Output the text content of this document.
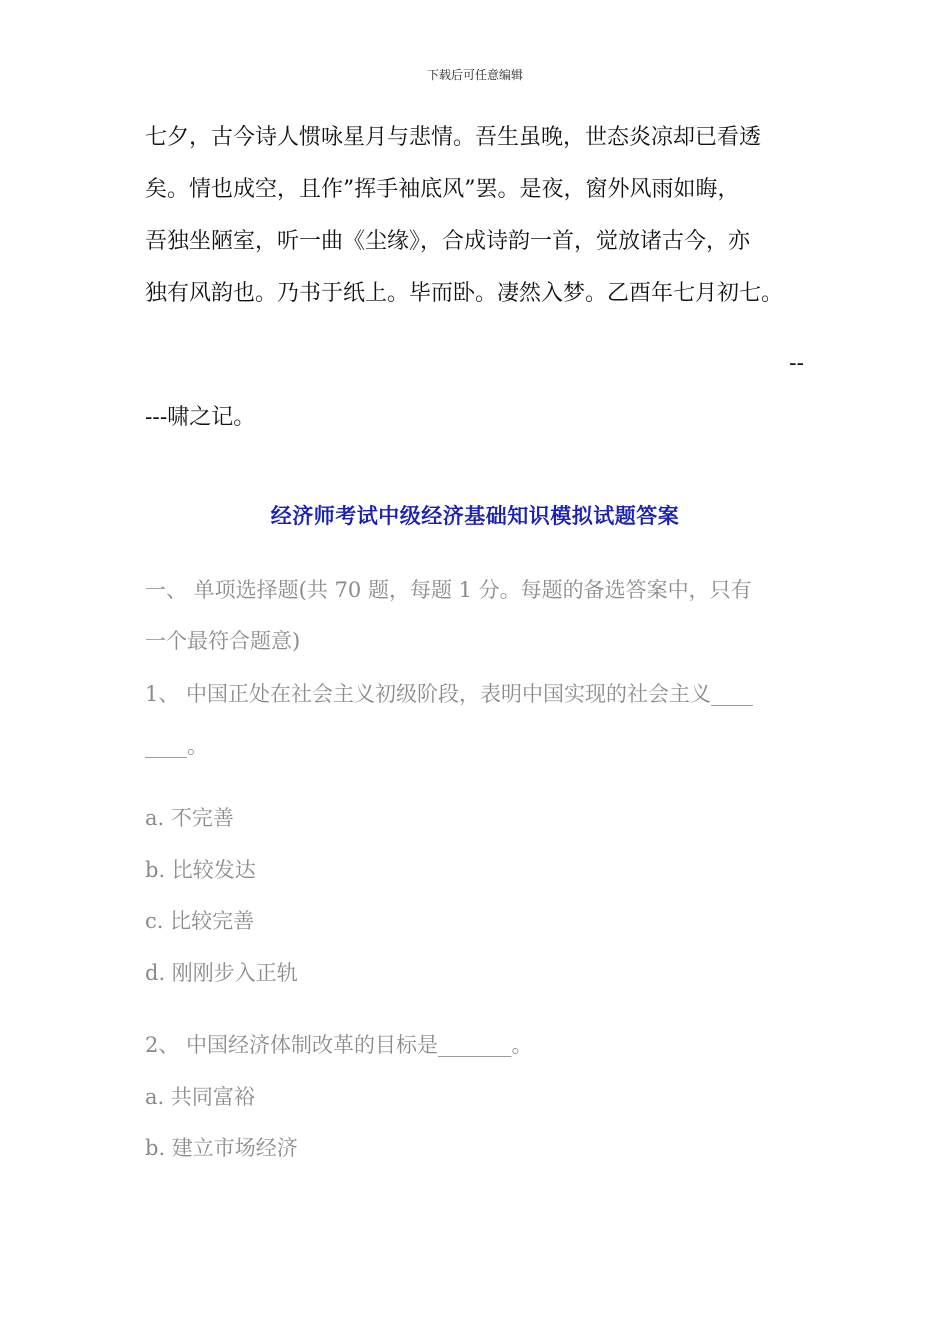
下载后可任意编辑
七夕，古今诗人惯咏星月与悲情。吾生虽晚，世态炎凉却已看透
矣。情也成空，且作”挥手袖底风”罢。是夜，窗外风雨如晦，
吾独坐陋室，听一曲《尘缘》，合成诗韵一首，觉放诸古今，亦
独有风韵也。乃书于纸上。毕而卧。凄然入梦。乙酉年七月初七。
--
---啸之记。
经济师考试中级经济基础知识模拟试题答案
一、 单项选择题(共 70 题，每题 1 分。每题的备选答案中，只有
一个最符合题意)
1、 中国正处在社会主义初级阶段，表明中国实现的社会主义____
____。
a. 不完善
b. 比较发达
c. 比较完善
d. 刚刚步入正轨
2、 中国经济体制改革的目标是_______。
a. 共同富裕
b. 建立市场经济
